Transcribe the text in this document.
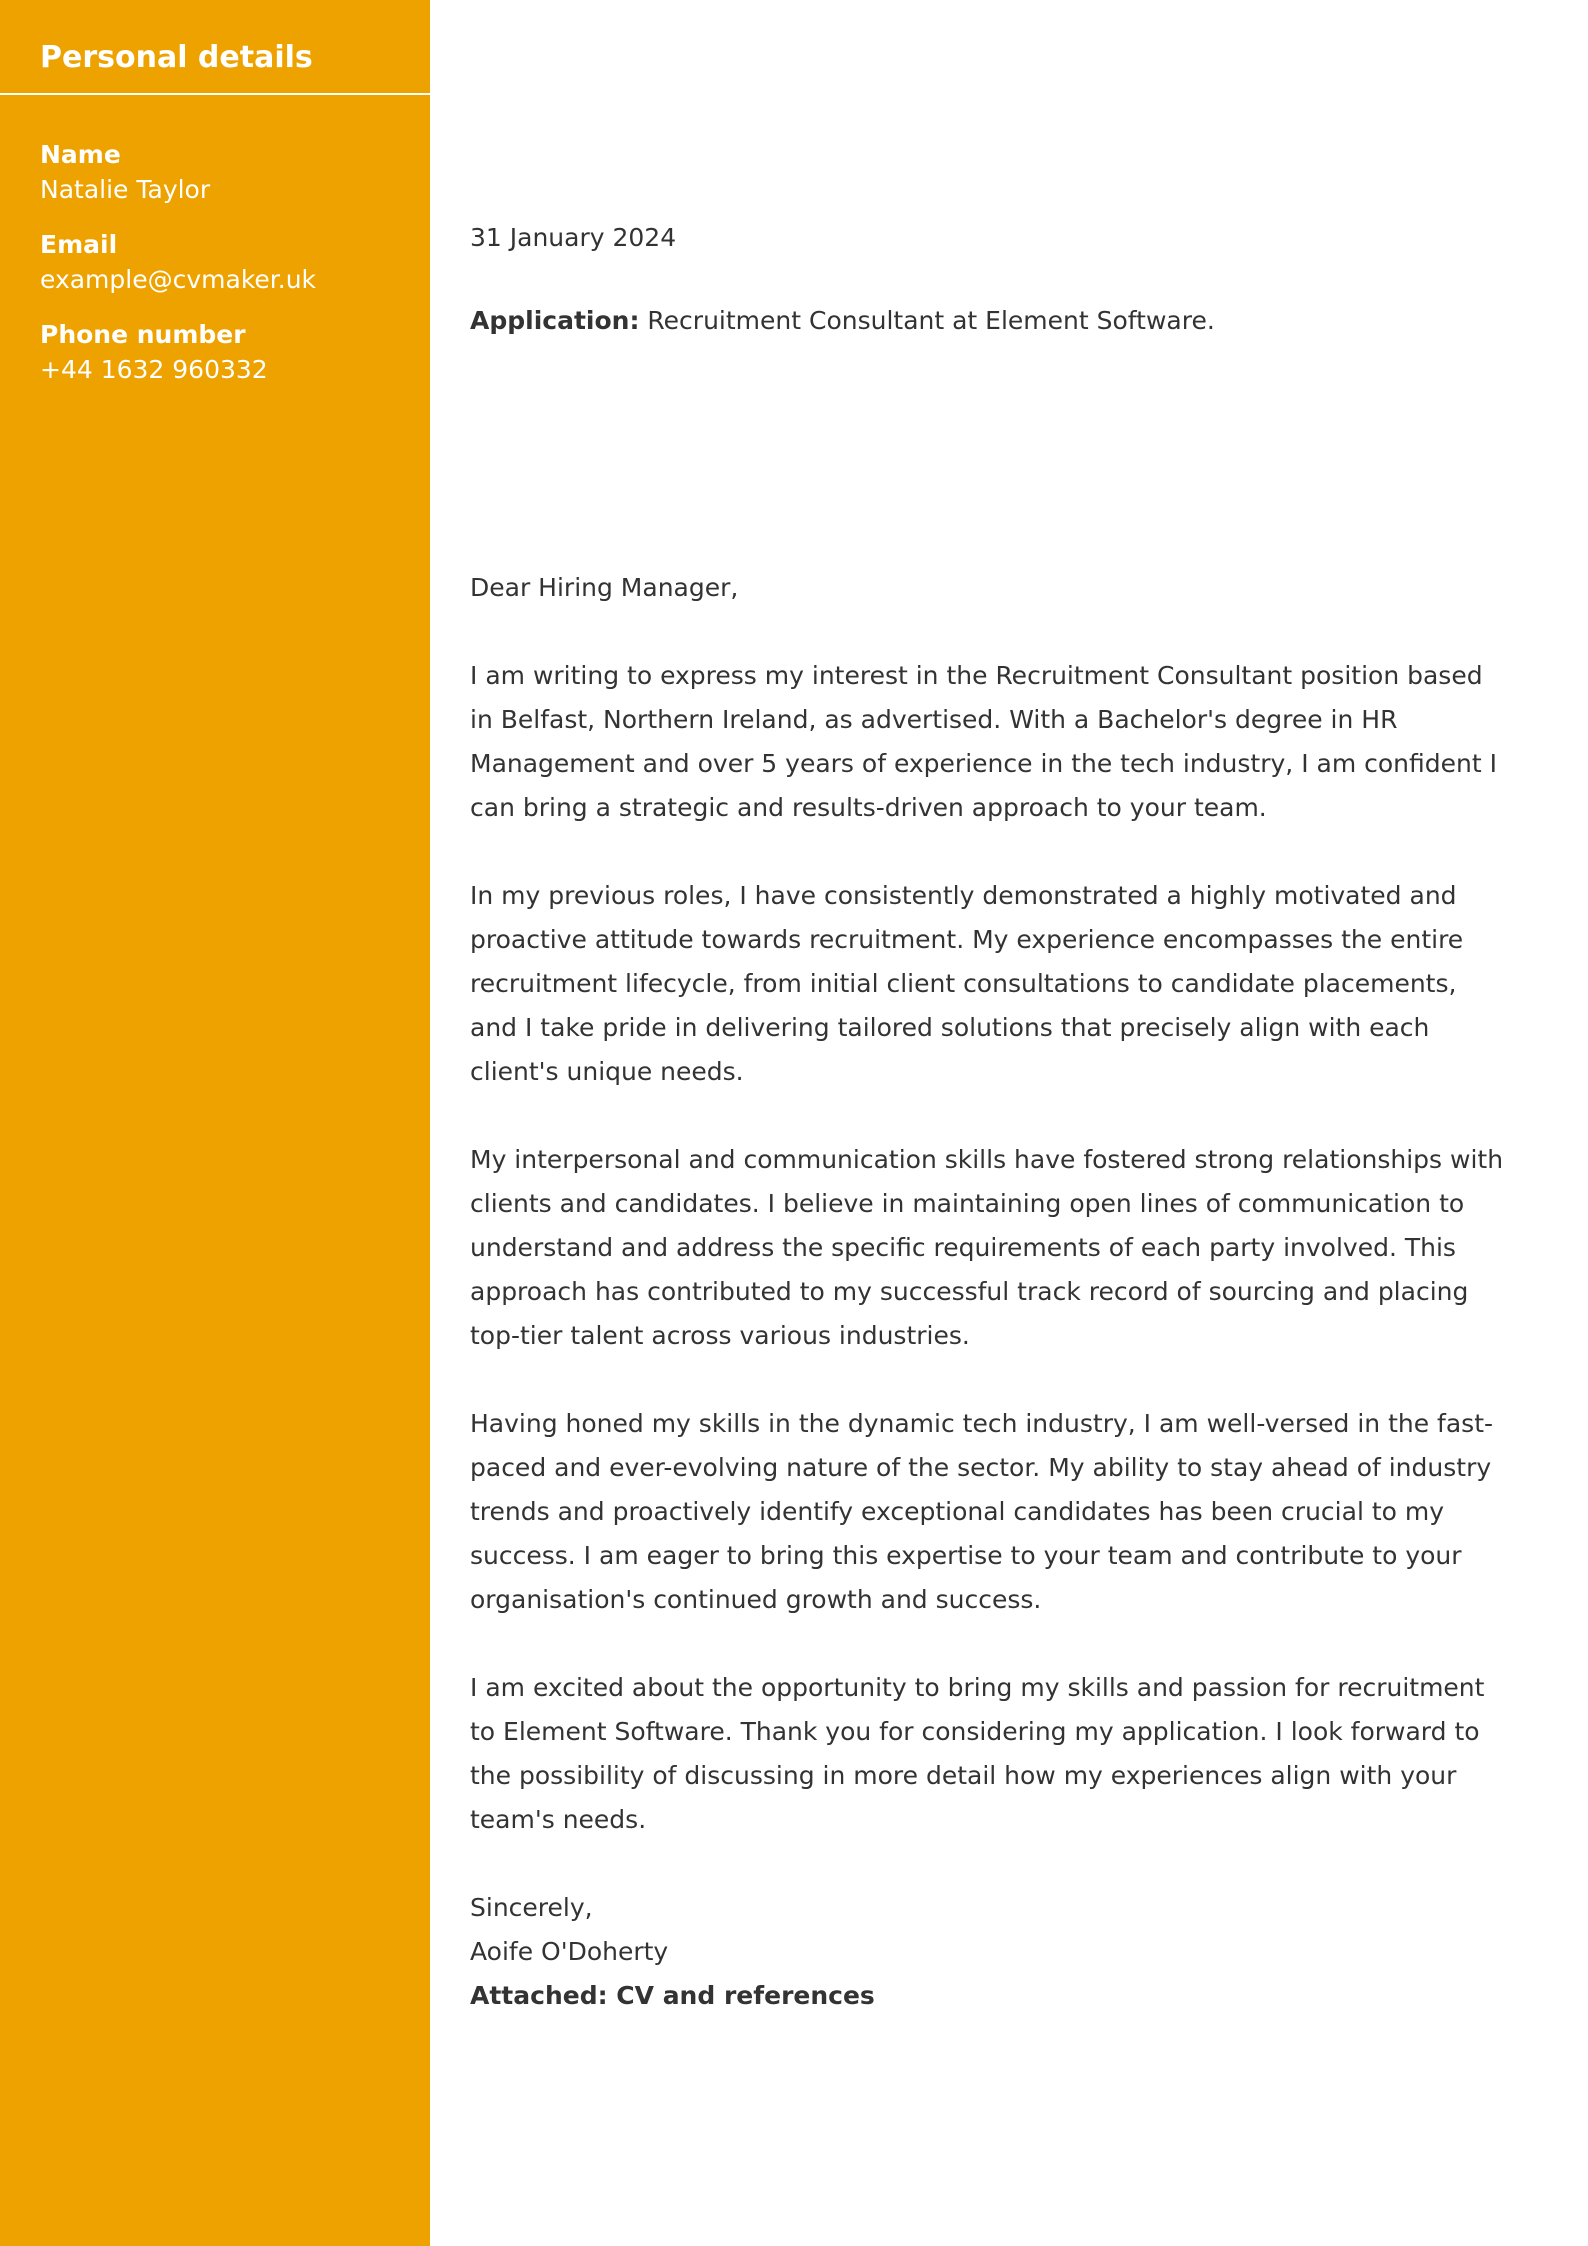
Personal details
Name
Natalie Taylor
Email
example@cvmaker.uk
Phone number
+44 1632 960332
31 January 2024
Application: Recruitment Consultant at Element Software.

Dear Hiring Manager,

I am writing to express my interest in the Recruitment Consultant position based in Belfast, Northern Ireland, as advertised. With a Bachelor's degree in HR Management and over 5 years of experience in the tech industry, I am confident I can bring a strategic and results-driven approach to your team.

In my previous roles, I have consistently demonstrated a highly motivated and proactive attitude towards recruitment. My experience encompasses the entire recruitment lifecycle, from initial client consultations to candidate placements, and I take pride in delivering tailored solutions that precisely align with each client's unique needs.

My interpersonal and communication skills have fostered strong relationships with clients and candidates. I believe in maintaining open lines of communication to understand and address the specific requirements of each party involved. This approach has contributed to my successful track record of sourcing and placing top-tier talent across various industries.

Having honed my skills in the dynamic tech industry, I am well-versed in the fast-paced and ever-evolving nature of the sector. My ability to stay ahead of industry trends and proactively identify exceptional candidates has been crucial to my success. I am eager to bring this expertise to your team and contribute to your organisation's continued growth and success.

I am excited about the opportunity to bring my skills and passion for recruitment to Element Software. Thank you for considering my application. I look forward to the possibility of discussing in more detail how my experiences align with your team's needs.

Sincerely,
Aoife O'Doherty
Attached: CV and references
